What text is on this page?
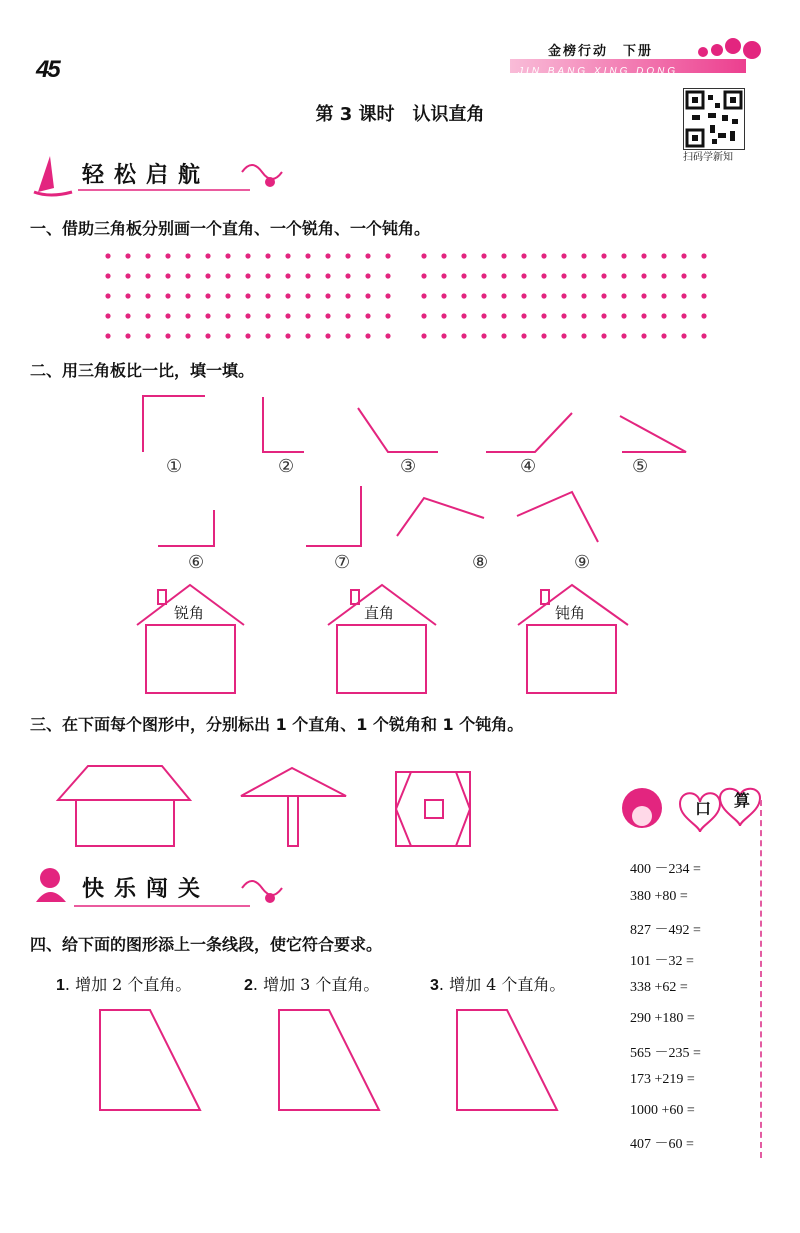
45
金榜行动　下册
JIN BANG XING DONG
第 3 课时　认识直角
扫码学新知
轻松启航
一、借助三角板分别画一个直角、一个锐角、一个钝角。
二、用三角板比一比，填一填。
①	②	③	④	⑤
⑥	⑦	⑧	⑨
锐角	直角	钝角
三、在下面每个图形中，分别标出 1 个直角、1 个锐角和 1 个钝角。
快乐闯关
四、给下面的图形添上一条线段，使它符合要求。
1. 增加 2 个直角。	2. 增加 3 个直角。	3. 增加 4 个直角。
口 算
400 －234 =
380 +80 =
827 －492 =
101 －32 =
338 +62 =
290 +180 =
565 －235 =
173 +219 =
1000 +60 =
407 －60 =
